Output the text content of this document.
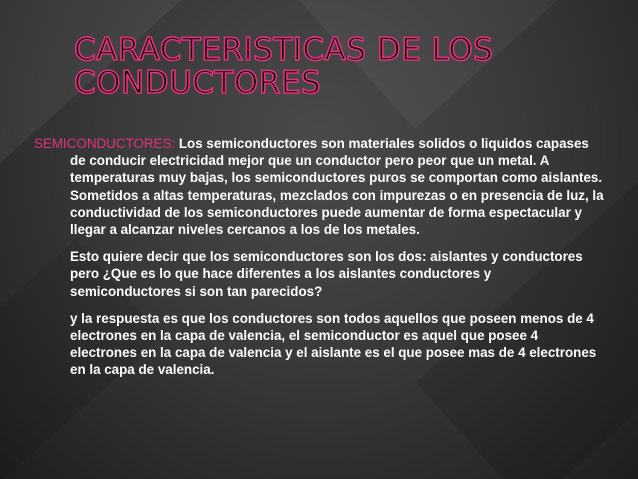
CARACTERISTICAS DE LOS
CONDUCTORES

SEMICONDUCTORES: Los semiconductores son materiales solidos o liquidos capases de conducir electricidad mejor que un conductor pero peor que un metal. A temperaturas muy bajas, los semiconductores puros se comportan como aislantes. Sometidos a altas temperaturas, mezclados con impurezas o en presencia de luz, la conductividad de los semiconductores puede aumentar de forma espectacular y llegar a alcanzar niveles cercanos a los de los metales.

Esto quiere decir que los semiconductores son los dos: aislantes y conductores pero ¿Que es lo que hace diferentes a los aislantes conductores y semiconductores si son tan parecidos?

y la respuesta es que los conductores son todos aquellos que poseen menos de 4 electrones en la capa de valencia, el semiconductor es aquel que posee 4 electrones en la capa de valencia y el aislante es el que posee mas de 4 electrones en la capa de valencia.
